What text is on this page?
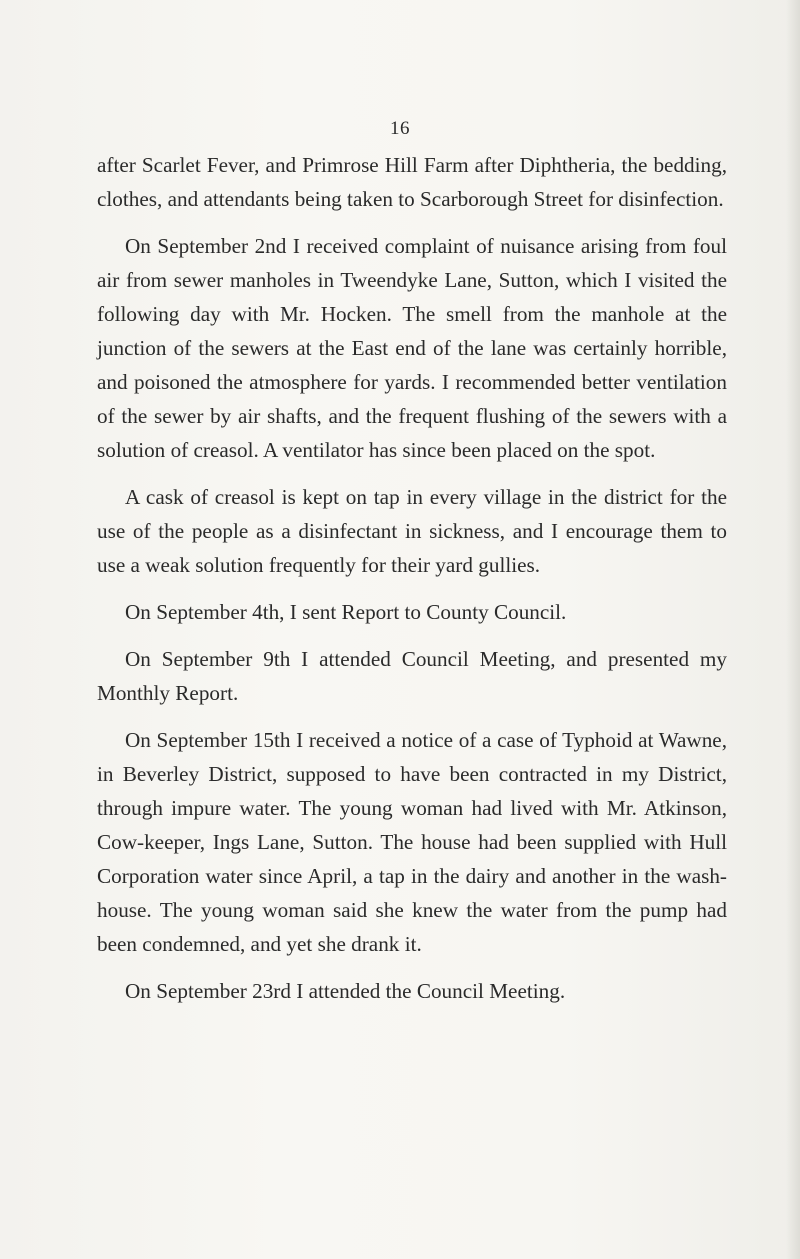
16

after Scarlet Fever, and Primrose Hill Farm after Diphtheria, the bedding, clothes, and attendants being taken to Scarborough Street for disinfection.

On September 2nd I received complaint of nuisance arising from foul air from sewer manholes in Tweendyke Lane, Sutton, which I visited the following day with Mr. Hocken. The smell from the manhole at the junction of the sewers at the East end of the lane was certainly horrible, and poisoned the atmosphere for yards. I recommended better ventilation of the sewer by air shafts, and the frequent flushing of the sewers with a solution of creasol. A ventilator has since been placed on the spot.

A cask of creasol is kept on tap in every village in the district for the use of the people as a disinfectant in sickness, and I encourage them to use a weak solution frequently for their yard gullies.

On September 4th, I sent Report to County Council.

On September 9th I attended Council Meeting, and presented my Monthly Report.

On September 15th I received a notice of a case of Typhoid at Wawne, in Beverley District, supposed to have been contracted in my District, through impure water. The young woman had lived with Mr. Atkinson, Cow-keeper, Ings Lane, Sutton. The house had been supplied with Hull Corporation water since April, a tap in the dairy and another in the wash-house. The young woman said she knew the water from the pump had been condemned, and yet she drank it.

On September 23rd I attended the Council Meeting.
